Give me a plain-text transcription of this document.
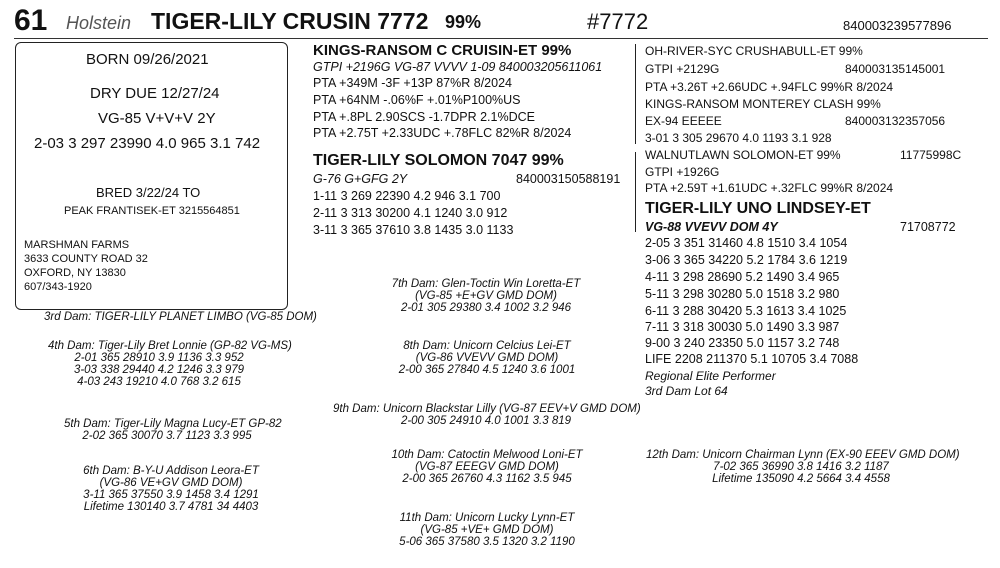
61 Holstein TIGER-LILY CRUSIN 7772 99%	#7772	840003239577896
BORN 09/26/2021
DRY DUE 12/27/24
VG-85 V+V+V 2Y
2-03 3 297 23990 4.0 965 3.1 742
BRED 3/22/24 TO
PEAK FRANTISEK-ET 3215564851
MARSHMAN FARMS
3633 COUNTY ROAD 32
OXFORD, NY 13830
607/343-1920
KINGS-RANSOM C CRUISIN-ET 99%
GTPI +2196G VG-87 VVVV 1-09 840003205611061
PTA +349M -3F +13P 87%R 8/2024
PTA +64NM -.06%F +.01%P100%US
PTA +.8PL 2.90SCS -1.7DPR 2.1%DCE
PTA +2.75T +2.33UDC +.78FLC 82%R 8/2024
TIGER-LILY SOLOMON 7047 99%
G-76 G+GFG 2Y	840003150588191
1-11 3 269 22390 4.2 946 3.1 700
2-11 3 313 30200 4.1 1240 3.0 912
3-11 3 365 37610 3.8 1435 3.0 1133
OH-RIVER-SYC CRUSHABULL-ET 99%
GTPI +2129G	840003135145001
PTA +3.26T +2.66UDC +.94FLC 99%R 8/2024
KINGS-RANSOM MONTEREY CLASH 99%
EX-94 EEEEE	840003132357056
3-01 3 305 29670 4.0 1193 3.1 928
WALNUTLAWN SOLOMON-ET 99%	11775998C
GTPI +1926G
PTA +2.59T +1.61UDC +.32FLC 99%R 8/2024
TIGER-LILY UNO LINDSEY-ET
VG-88 VVEVV DOM 4Y	71708772
2-05 3 351 31460 4.8 1510 3.4 1054
3-06 3 365 34220 5.2 1784 3.6 1219
4-11 3 298 28690 5.2 1490 3.4 965
5-11 3 298 30280 5.0 1518 3.2 980
6-11 3 288 30420 5.3 1613 3.4 1025
7-11 3 318 30030 5.0 1490 3.3 987
9-00 3 240 23350 5.0 1157 3.2 748
LIFE 2208 211370 5.1 10705 3.4 7088
Regional Elite Performer
3rd Dam Lot 64
3rd Dam: TIGER-LILY PLANET LIMBO (VG-85 DOM)
4th Dam: Tiger-Lily Bret Lonnie (GP-82 VG-MS)
2-01 365 28910 3.9 1136 3.3 952
3-03 338 29440 4.2 1246 3.3 979
4-03 243 19210 4.0 768 3.2 615
5th Dam: Tiger-Lily Magna Lucy-ET GP-82
2-02 365 30070 3.7 1123 3.3 995
6th Dam: B-Y-U Addison Leora-ET
(VG-86 VE+GV GMD DOM)
3-11 365 37550 3.9 1458 3.4 1291
Lifetime 130140 3.7 4781 34 4403
7th Dam: Glen-Toctin Win Loretta-ET
(VG-85 +E+GV GMD DOM)
2-01 305 29380 3.4 1002 3.2 946
8th Dam: Unicorn Celcius Lei-ET
(VG-86 VVEVV GMD DOM)
2-00 365 27840 4.5 1240 3.6 1001
9th Dam: Unicorn Blackstar Lilly (VG-87 EEV+V GMD DOM)
2-00 305 24910 4.0 1001 3.3 819
10th Dam: Catoctin Melwood Loni-ET
(VG-87 EEEGV GMD DOM)
2-00 365 26760 4.3 1162 3.5 945
11th Dam: Unicorn Lucky Lynn-ET
(VG-85 +VE+ GMD DOM)
5-06 365 37580 3.5 1320 3.2 1190
12th Dam: Unicorn Chairman Lynn (EX-90 EEEV GMD DOM)
7-02 365 36990 3.8 1416 3.2 1187
Lifetime 135090 4.2 5664 3.4 4558
